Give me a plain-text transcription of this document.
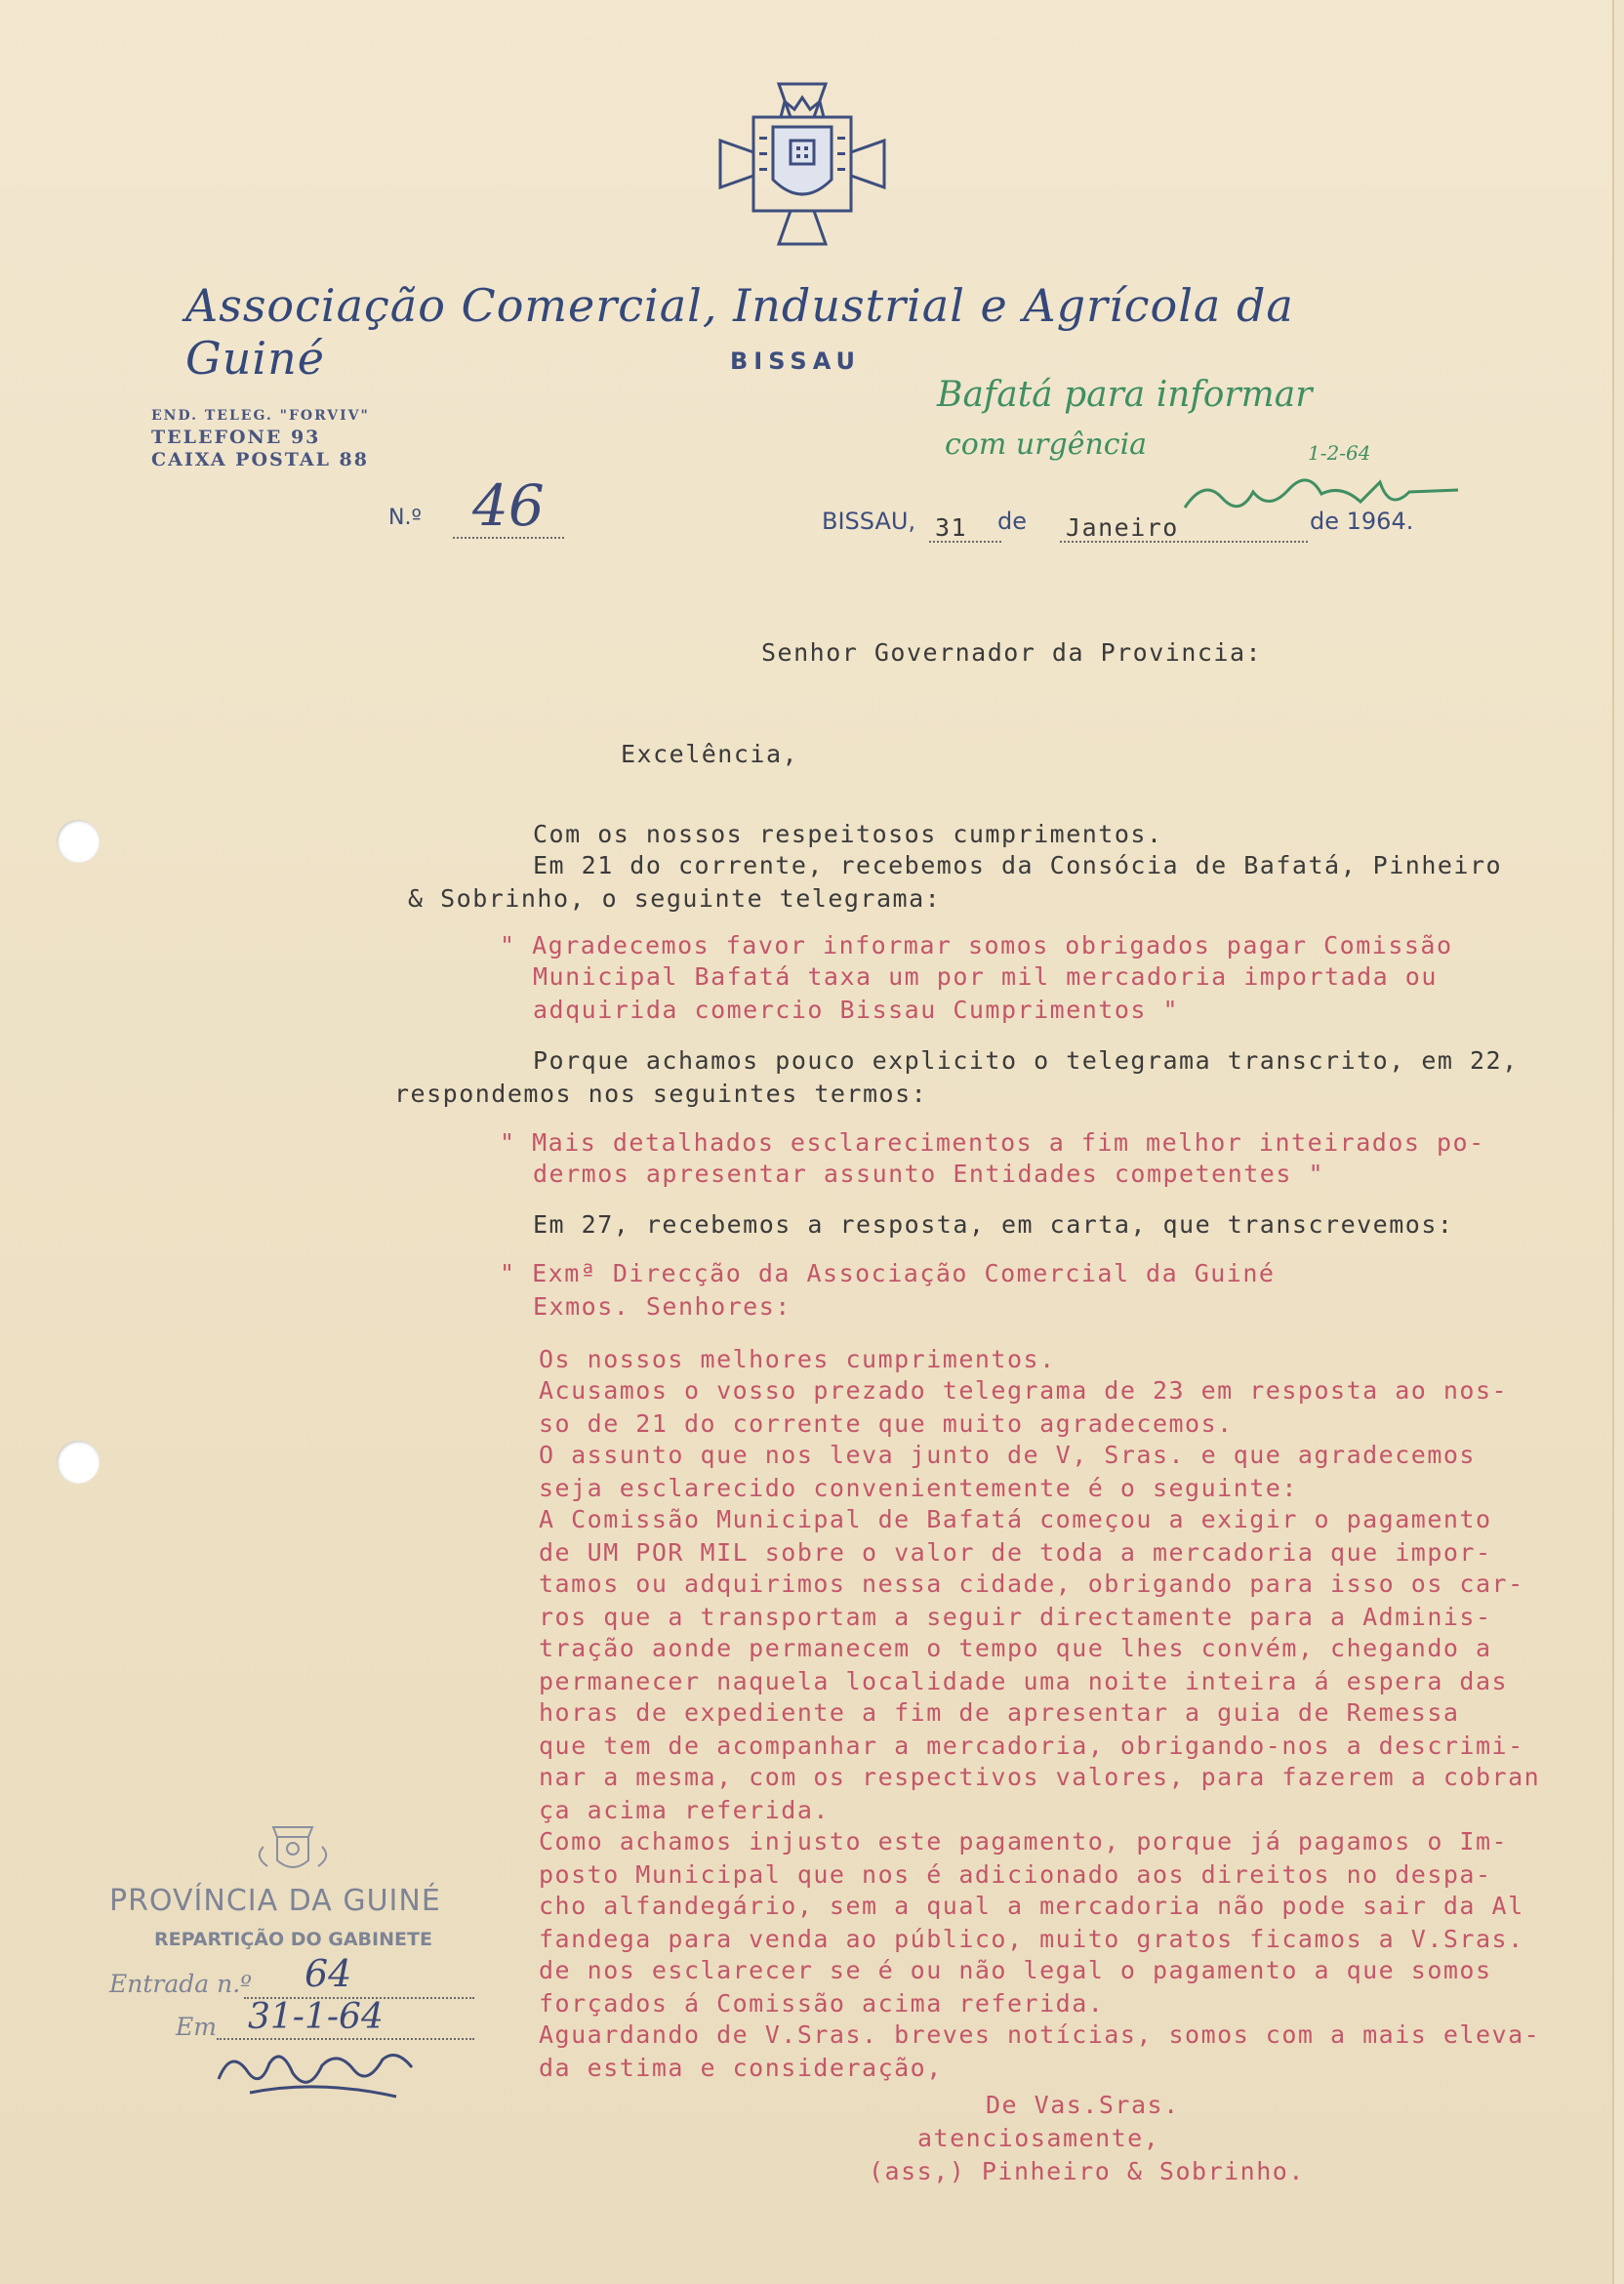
Associação Comercial, Industrial e Agrícola da Guiné	BISSAU
END. TELEG. "FORVIV"
TELEFONE 93
CAIXA POSTAL 88
N.º 46	BISSAU, 31 de Janeiro	de 1964.
Bafatá para informar
com urgência	1-2-64
Senhor Governador da Provincia:
Excelência,
Com os nossos respeitosos cumprimentos.
Em 21 do corrente, recebemos da Consócia de Bafatá, Pinheiro
& Sobrinho, o seguinte telegrama:
" Agradecemos favor informar somos obrigados pagar Comissão
Municipal Bafatá taxa um por mil mercadoria importada ou
adquirida comercio Bissau Cumprimentos "
Porque achamos pouco explicito o telegrama transcrito, em 22,
respondemos nos seguintes termos:
" Mais detalhados esclarecimentos a fim melhor inteirados po-
dermos apresentar assunto Entidades competentes "
Em 27, recebemos a resposta, em carta, que transcrevemos:
" Exmª Direcção da Associação Comercial da Guiné
Exmos. Senhores:
Os nossos melhores cumprimentos.
Acusamos o vosso prezado telegrama de 23 em resposta ao nos-
so de 21 do corrente que muito agradecemos.
O assunto que nos leva junto de V, Sras. e que agradecemos
seja esclarecido convenientemente é o seguinte:
A Comissão Municipal de Bafatá começou a exigir o pagamento
de UM POR MIL sobre o valor de toda a mercadoria que impor-
tamos ou adquirimos nessa cidade, obrigando para isso os car-
ros que a transportam a seguir directamente para a Adminis-
tração aonde permanecem o tempo que lhes convém, chegando a
permanecer naquela localidade uma noite inteira á espera das
horas de expediente a fim de apresentar a guia de Remessa
que tem de acompanhar a mercadoria, obrigando-nos a descrimi-
nar a mesma, com os respectivos valores, para fazerem a cobran
ça acima referida.
Como achamos injusto este pagamento, porque já pagamos o Im-
posto Municipal que nos é adicionado aos direitos no despa-
cho alfandegário, sem a qual a mercadoria não pode sair da Al
fandega para venda ao público, muito gratos ficamos a V.Sras.
de nos esclarecer se é ou não legal o pagamento a que somos
forçados á Comissão acima referida.
Aguardando de V.Sras. breves notícias, somos com a mais eleva-
da estima e consideração,
De Vas.Sras.
atenciosamente,
(ass,) Pinheiro & Sobrinho.
PROVÍNCIA DA GUINÉ
REPARTIÇÃO DO GABINETE
Entrada n.º 64
Em 31-1-64
